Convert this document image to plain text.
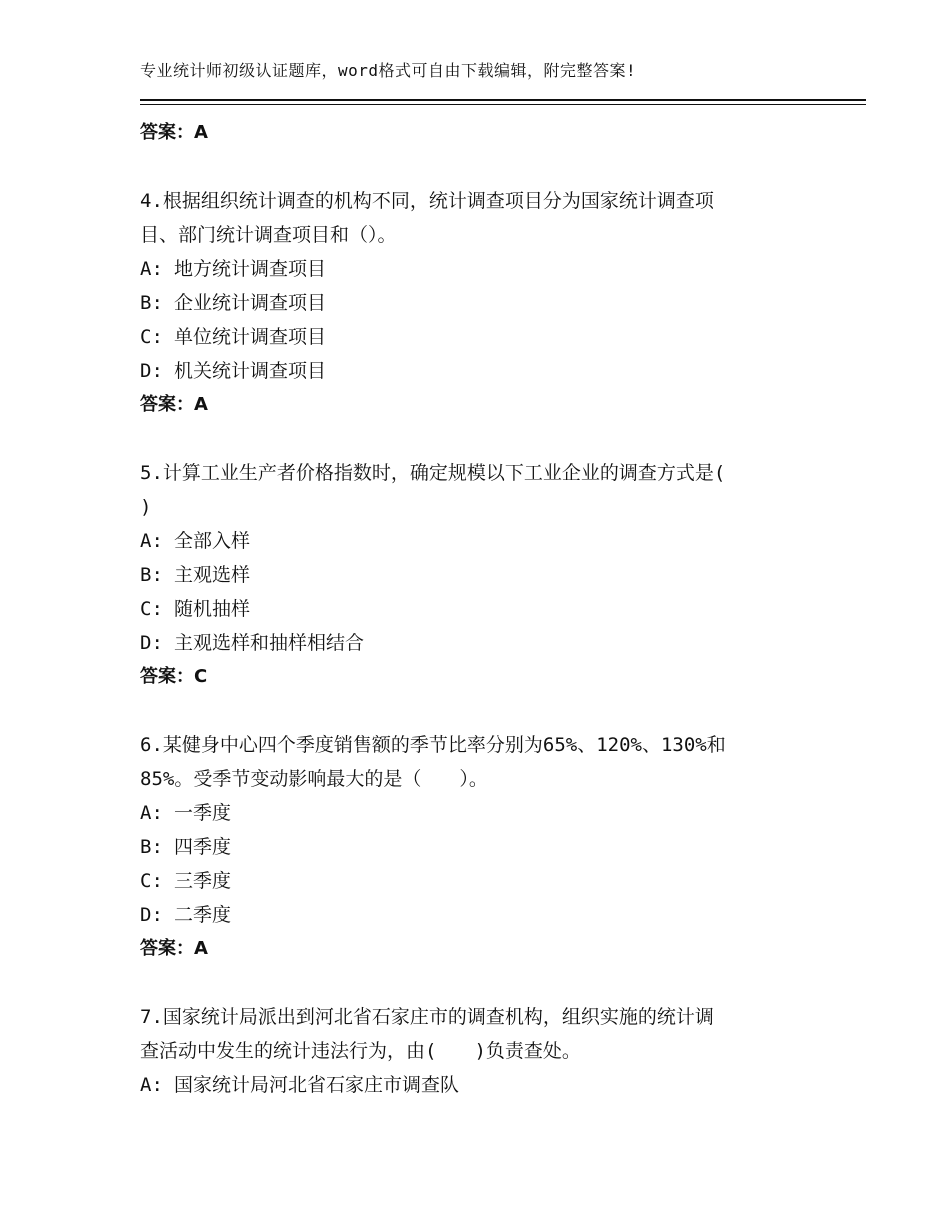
专业统计师初级认证题库，word格式可自由下载编辑，附完整答案!
答案：A
4.根据组织统计调查的机构不同，统计调查项目分为国家统计调查项
目、部门统计调查项目和（）。
A: 地方统计调查项目
B: 企业统计调查项目
C: 单位统计调查项目
D: 机关统计调查项目
答案：A
5.计算工业生产者价格指数时，确定规模以下工业企业的调查方式是(
)
A: 全部入样
B: 主观选样
C: 随机抽样
D: 主观选样和抽样相结合
答案：C
6.某健身中心四个季度销售额的季节比率分别为65%、120%、130%和
85%。受季节变动影响最大的是（　　）。
A: 一季度
B: 四季度
C: 三季度
D: 二季度
答案：A
7.国家统计局派出到河北省石家庄市的调查机构，组织实施的统计调
查活动中发生的统计违法行为，由(　　)负责查处。
A: 国家统计局河北省石家庄市调查队
